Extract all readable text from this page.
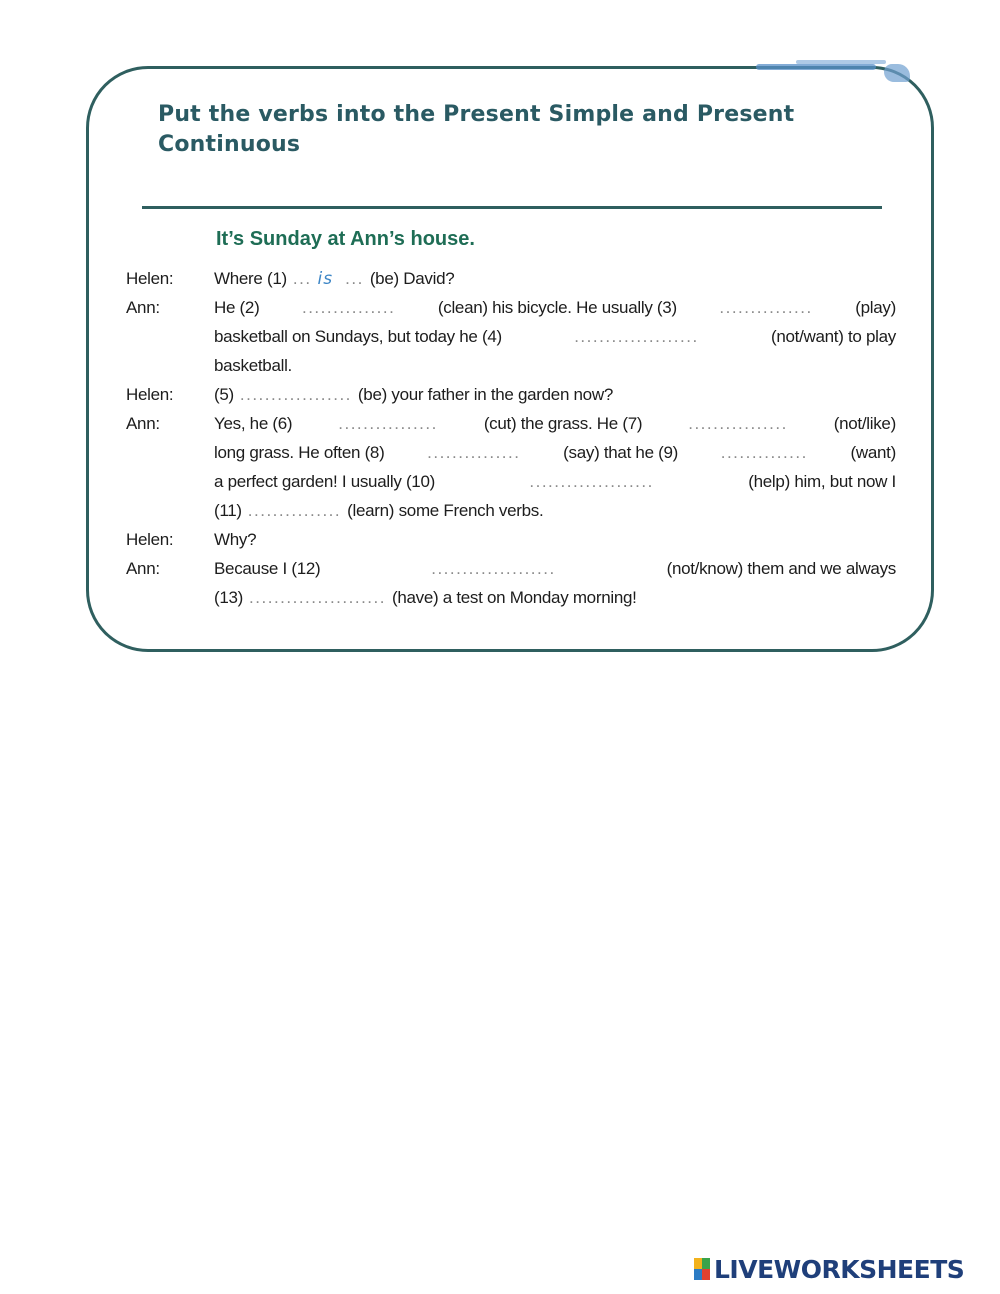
Put the verbs into the Present Simple and Present Continuous
It’s Sunday at Ann’s house.
Helen:	Where (1) ... is ... (be) David?
Ann:	He (2)	...............	(clean) his bicycle. He usually (3)	...............	(play)
basketball on Sundays, but today he (4)	....................	(not/want) to play
basketball.
Helen:	(5) .................. (be) your father in the garden now?
Ann:	Yes, he (6)	................	(cut) the grass. He (7)	................	(not/like)
long grass. He often (8)	...............	(say) that he (9)	..............	(want)
a perfect garden! I usually (10)	....................	(help) him, but now I
(11) ............... (learn) some French verbs.
Helen:	Why?
Ann:	Because I (12)	....................	(not/know) them and we always
(13) ...................... (have) a test on Monday morning!
LIVEWORKSHEETS
